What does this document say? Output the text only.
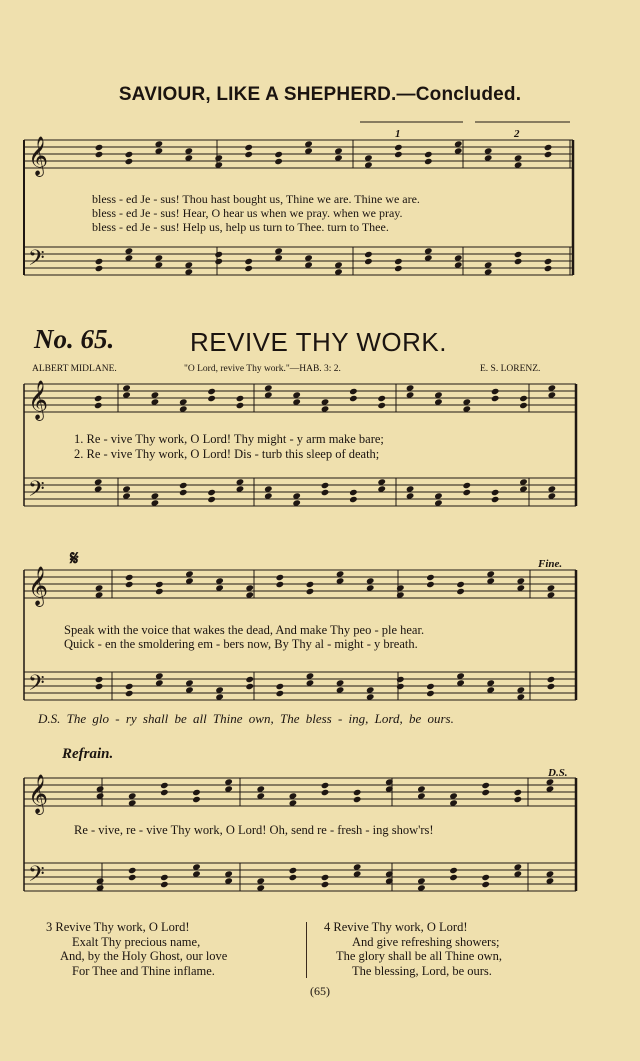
𝄞
𝄢
𝄞
𝄢
𝄞
𝄢
𝄞
𝄢
SAVIOUR, LIKE A SHEPHERD.—Concluded.
1	2
bless - ed Je - sus! Thou hast bought us, Thine we are. Thine we are.
bless - ed Je - sus! Hear, O hear us when we pray. when we pray.
bless - ed Je - sus! Help us, help us turn to Thee. turn to Thee.
No. 65.	REVIVE THY WORK.
ALBERT MIDLANE.	"O Lord, revive Thy work."—HAB. 3: 2.	E. S. LORENZ.
1. Re - vive Thy work, O Lord! Thy might - y arm make bare;
2. Re - vive Thy work, O Lord! Dis - turb this sleep of death;
𝄋	Fine.
Speak with the voice that wakes the dead, And make Thy peo - ple hear.
Quick - en the smoldering em - bers now, By Thy al - might - y breath.
D.S. The glo - ry shall be all Thine own, The bless - ing, Lord, be ours.
Refrain.
D.S.
Re - vive, re - vive Thy work, O Lord! Oh, send re - fresh - ing show'rs!
3 Revive Thy work, O Lord!
Exalt Thy precious name,
And, by the Holy Ghost, our love
For Thee and Thine inflame.
4 Revive Thy work, O Lord!
And give refreshing showers;
The glory shall be all Thine own,
The blessing, Lord, be ours.
(65)
